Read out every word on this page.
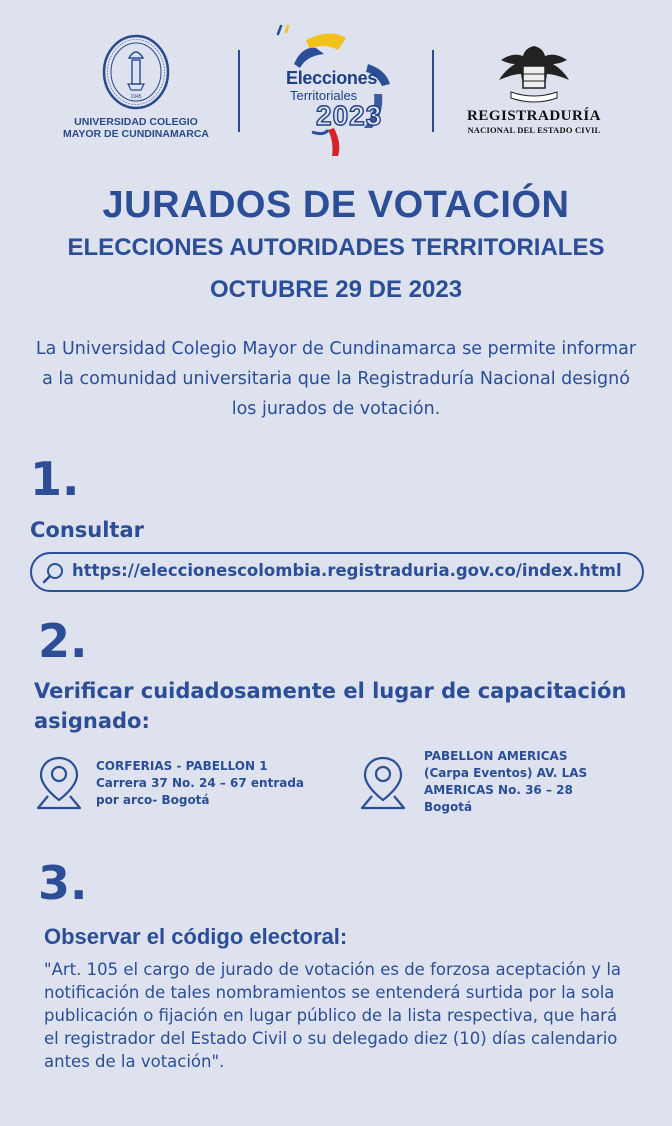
1945
UNIVERSIDAD COLEGIO
MAYOR DE CUNDINAMARCA
Elecciones
Territoriales
2023	REGISTRADURÍA
NACIONAL DEL ESTADO CIVIL
JURADOS DE VOTACIÓN
ELECCIONES AUTORIDADES TERRITORIALES
OCTUBRE 29 DE 2023
La Universidad Colegio Mayor de Cundinamarca se permite informar
a la comunidad universitaria que la Registraduría Nacional designó
los jurados de votación.
1.
Consultar
https://eleccionescolombia.registraduria.gov.co/index.html
2.
Verificar cuidadosamente el lugar de capacitación asignado:
CORFERIAS - PABELLON 1
Carrera 37 No. 24 – 67 entrada
por arco- Bogotá
PABELLON AMERICAS
(Carpa Eventos) AV. LAS
AMERICAS No. 36 – 28
Bogotá
3.
Observar el código electoral:
"Art. 105 el cargo de jurado de votación es de forzosa aceptación y la
notificación de tales nombramientos se entenderá surtida por la sola
publicación o fijación en lugar público de la lista respectiva, que hará
el registrador del Estado Civil o su delegado diez (10) días calendario
antes de la votación".
